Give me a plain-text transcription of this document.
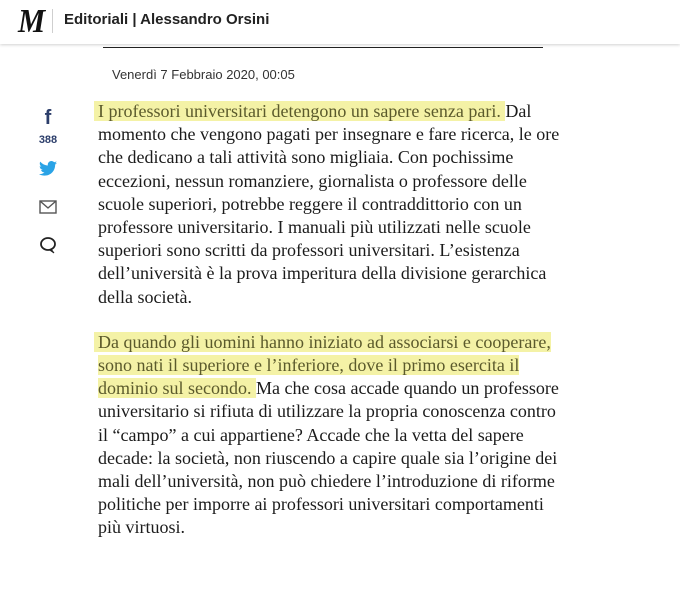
M Editoriali | Alessandro Orsini
Venerdì 7 Febbraio 2020, 00:05
f
388

I professori universitari detengono un sapere senza pari. Dal momento che vengono pagati per insegnare e fare ricerca, le ore che dedicano a tali attività sono migliaia. Con pochissime eccezioni, nessun romanziere, giornalista o professore delle scuole superiori, potrebbe reggere il contraddittorio con un professore universitario. I manuali più utilizzati nelle scuole superiori sono scritti da professori universitari. L’esistenza dell’università è la prova imperitura della divisione gerarchica della società.

Da quando gli uomini hanno iniziato ad associarsi e cooperare, sono nati il superiore e l’inferiore, dove il primo esercita il dominio sul secondo. Ma che cosa accade quando un professore universitario si rifiuta di utilizzare la propria conoscenza contro il “campo” a cui appartiene? Accade che la vetta del sapere decade: la società, non riuscendo a capire quale sia l’origine dei mali dell’università, non può chiedere l’introduzione di riforme politiche per imporre ai professori universitari comportamenti più virtuosi.
